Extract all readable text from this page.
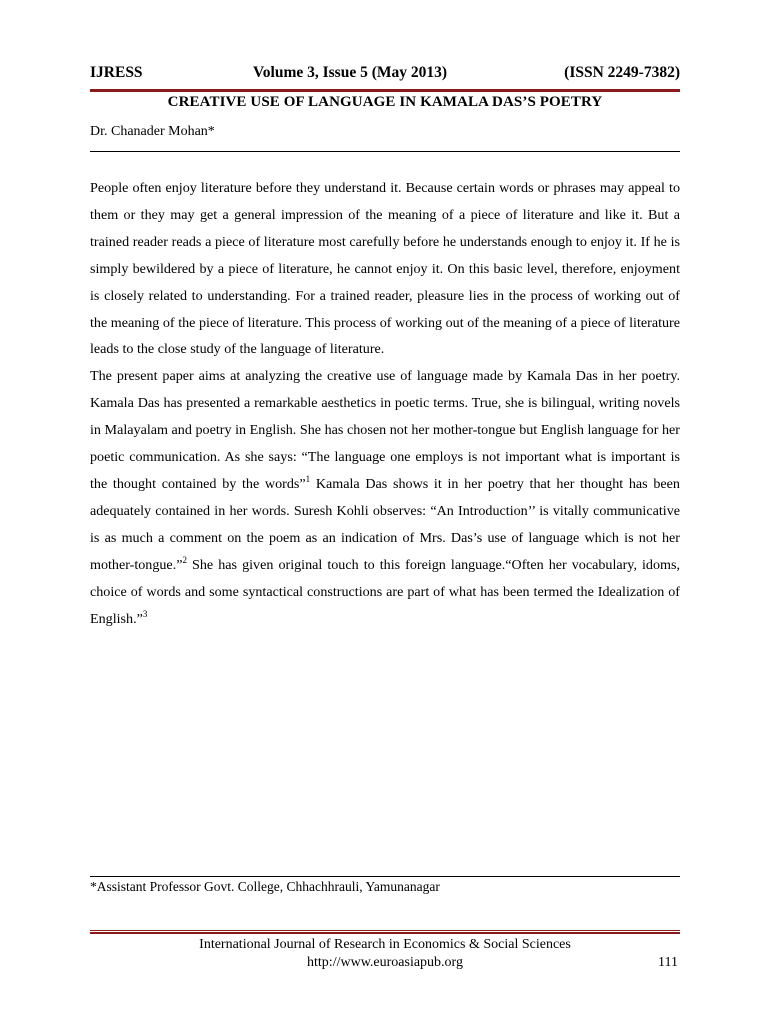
IJRESS	Volume 3, Issue 5 (May 2013)	(ISSN 2249-7382)
CREATIVE USE OF LANGUAGE IN KAMALA DAS’S POETRY
Dr. Chanader Mohan*

People often enjoy literature before they understand it. Because certain words or phrases may appeal to them or they may get a general impression of the meaning of a piece of literature and like it. But a trained reader reads a piece of literature most carefully before he understands enough to enjoy it. If he is simply bewildered by a piece of literature, he cannot enjoy it. On this basic level, therefore, enjoyment is closely related to understanding. For a trained reader, pleasure lies in the process of working out of the meaning of the piece of literature. This process of working out of the meaning of a piece of literature leads to the close study of the language of literature.

The present paper aims at analyzing the creative use of language made by Kamala Das in her poetry. Kamala Das has presented a remarkable aesthetics in poetic terms. True, she is bilingual, writing novels in Malayalam and poetry in English. She has chosen not her mother-tongue but English language for her poetic communication. As she says: “The language one employs is not important what is important is the thought contained by the words”$^1$ Kamala Das shows it in her poetry that her thought has been adequately contained in her words. Suresh Kohli observes: “An Introduction’’ is vitally communicative is as much a comment on the poem as an indication of Mrs. Das’s use of language which is not her mother-tongue.”$^2$ She has given original touch to this foreign language.“Often her vocabulary, idoms, choice of words and some syntactical constructions are part of what has been termed the Idealization of English.”$^3$

*Assistant Professor Govt. College, Chhachhrauli, Yamunanagar
International Journal of Research in Economics & Social Sciences
http://www.euroasiapub.org	111
